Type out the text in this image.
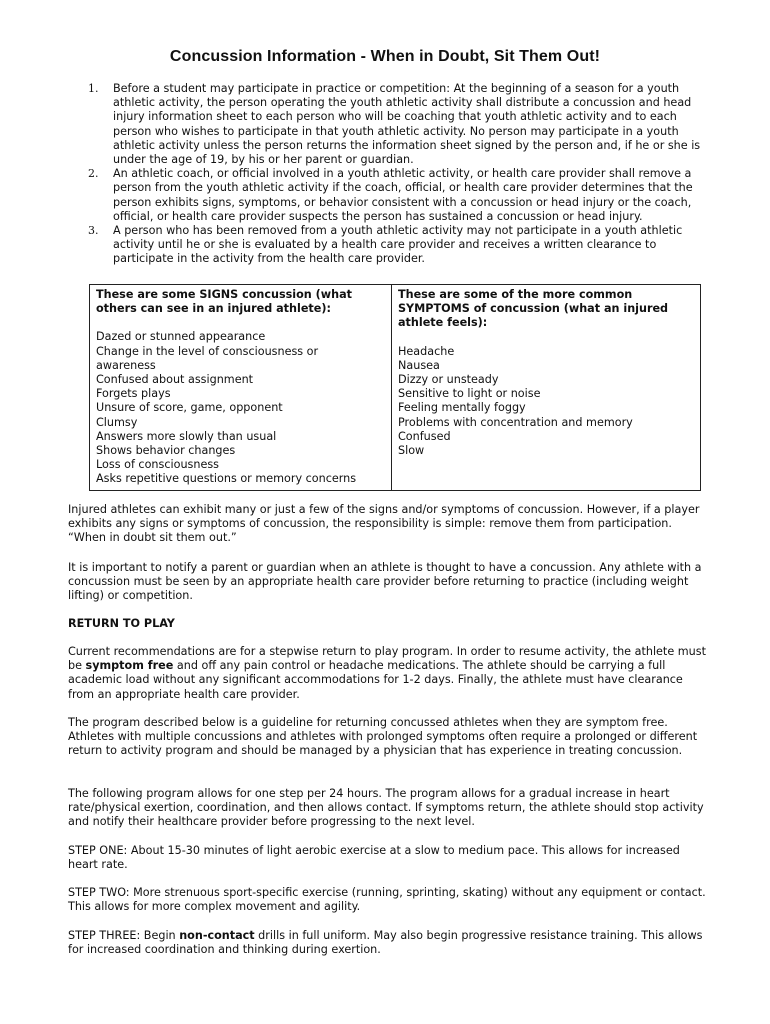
Concussion Information - When in Doubt, Sit Them Out!
1.	Before a student may participate in practice or competition: At the beginning of a season for a youth athletic activity, the person operating the youth athletic activity shall distribute a concussion and head injury information sheet to each person who will be coaching that youth athletic activity and to each person who wishes to participate in that youth athletic activity. No person may participate in a youth athletic activity unless the person returns the information sheet signed by the person and, if he or she is under the age of 19, by his or her parent or guardian.
2.	An athletic coach, or official involved in a youth athletic activity, or health care provider shall remove a person from the youth athletic activity if the coach, official, or health care provider determines that the person exhibits signs, symptoms, or behavior consistent with a concussion or head injury or the coach, official, or health care provider suspects the person has sustained a concussion or head injury.
3.	A person who has been removed from a youth athletic activity may not participate in a youth athletic activity until he or she is evaluated by a health care provider and receives a written clearance to participate in the activity from the health care provider.
These are some SIGNS concussion (what others can see in an injured athlete):
Dazed or stunned appearance
Change in the level of consciousness or
awareness
Confused about assignment
Forgets plays
Unsure of score, game, opponent
Clumsy
Answers more slowly than usual
Shows behavior changes
Loss of consciousness
Asks repetitive questions or memory concerns

These are some of the more common SYMPTOMS of concussion (what an injured athlete feels):
Headache
Nausea
Dizzy or unsteady
Sensitive to light or noise
Feeling mentally foggy
Problems with concentration and memory
Confused
Slow

Injured athletes can exhibit many or just a few of the signs and/or symptoms of concussion. However, if a player exhibits any signs or symptoms of concussion, the responsibility is simple: remove them from participation. “When in doubt sit them out.”

It is important to notify a parent or guardian when an athlete is thought to have a concussion. Any athlete with a concussion must be seen by an appropriate health care provider before returning to practice (including weight lifting) or competition.

RETURN TO PLAY

Current recommendations are for a stepwise return to play program. In order to resume activity, the athlete must be symptom free and off any pain control or headache medications. The athlete should be carrying a full academic load without any significant accommodations for 1-2 days. Finally, the athlete must have clearance from an appropriate health care provider.

The program described below is a guideline for returning concussed athletes when they are symptom free. Athletes with multiple concussions and athletes with prolonged symptoms often require a prolonged or different return to activity program and should be managed by a physician that has experience in treating concussion.

The following program allows for one step per 24 hours. The program allows for a gradual increase in heart rate/physical exertion, coordination, and then allows contact. If symptoms return, the athlete should stop activity and notify their healthcare provider before progressing to the next level.

STEP ONE: About 15-30 minutes of light aerobic exercise at a slow to medium pace. This allows for increased heart rate.

STEP TWO: More strenuous sport-specific exercise (running, sprinting, skating) without any equipment or contact. This allows for more complex movement and agility.

STEP THREE: Begin non-contact drills in full uniform. May also begin progressive resistance training. This allows for increased coordination and thinking during exertion.
